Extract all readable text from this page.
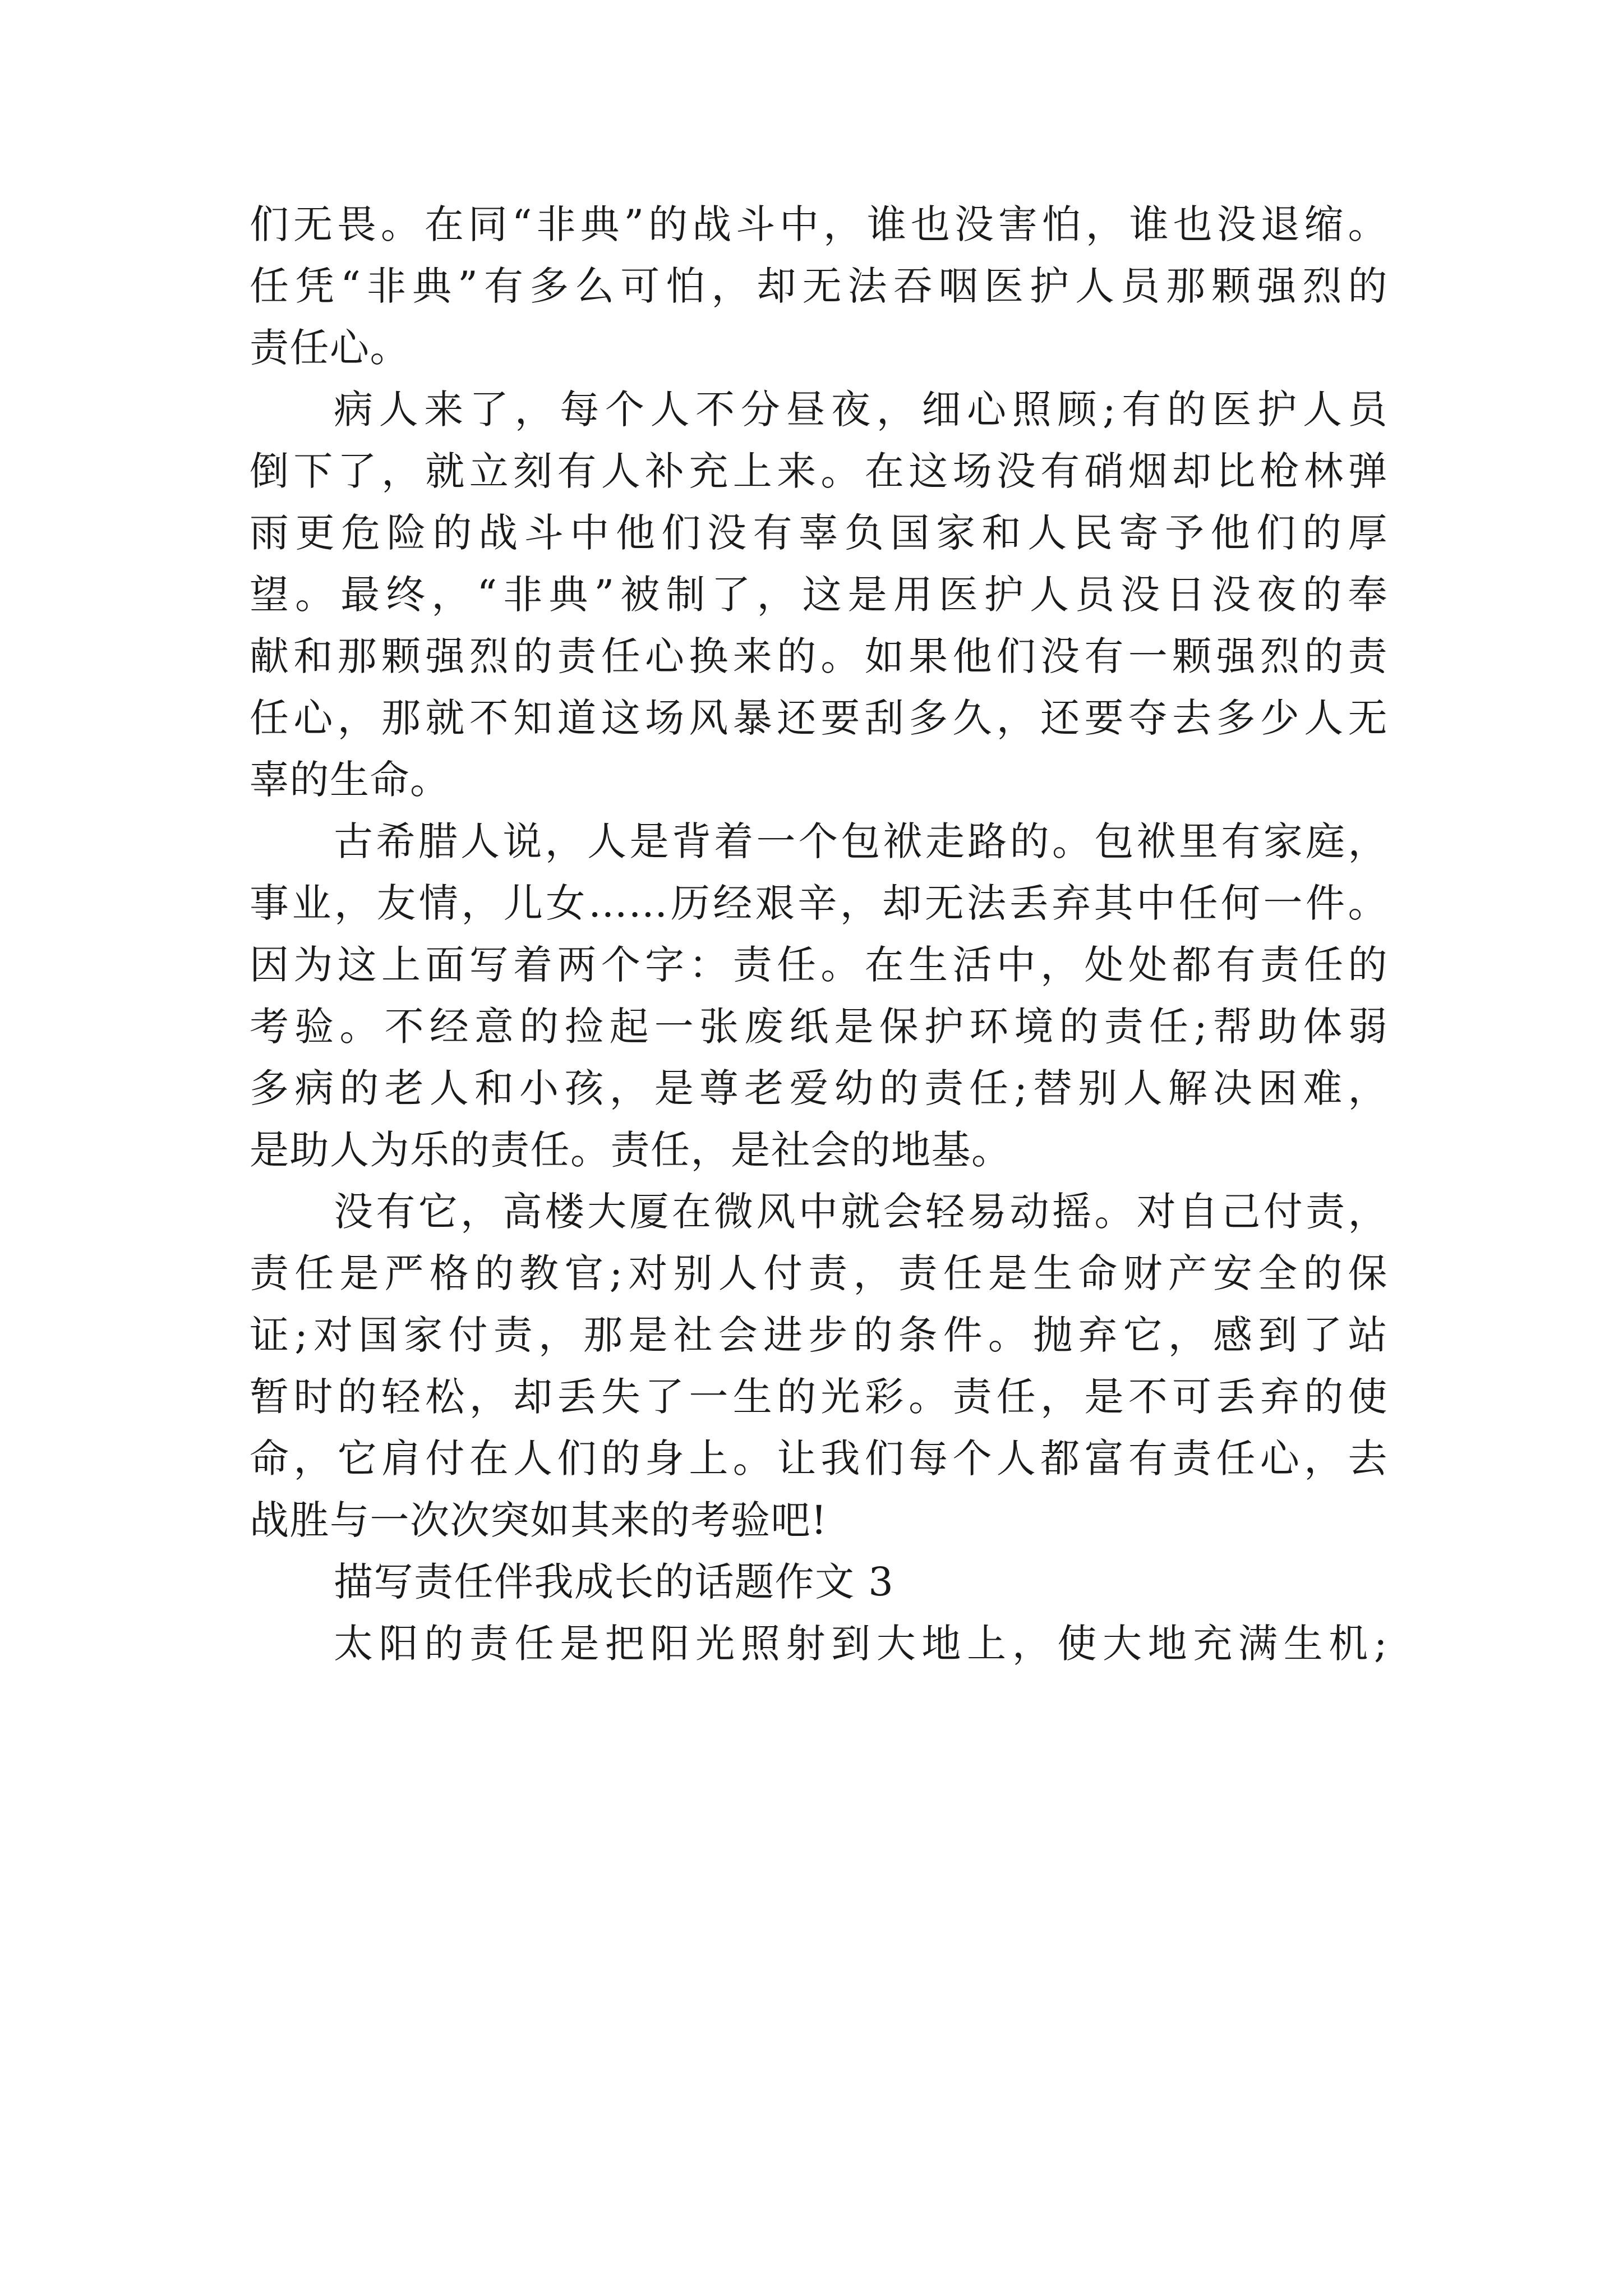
们无畏。在同“非典”的战斗中，谁也没害怕，谁也没退缩。
任凭“非典”有多么可怕，却无法吞咽医护人员那颗强烈的
责任心。
病人来了，每个人不分昼夜，细心照顾;有的医护人员
倒下了，就立刻有人补充上来。在这场没有硝烟却比枪林弹
雨更危险的战斗中他们没有辜负国家和人民寄予他们的厚
望。最终，“非典”被制了，这是用医护人员没日没夜的奉
献和那颗强烈的责任心换来的。如果他们没有一颗强烈的责
任心，那就不知道这场风暴还要刮多久，还要夺去多少人无
辜的生命。
古希腊人说，人是背着一个包袱走路的。包袱里有家庭，
事业，友情，儿女……历经艰辛，却无法丢弃其中任何一件。
因为这上面写着两个字：责任。在生活中，处处都有责任的
考验。不经意的捡起一张废纸是保护环境的责任;帮助体弱
多病的老人和小孩，是尊老爱幼的责任;替别人解决困难，
是助人为乐的责任。责任，是社会的地基。
没有它，高楼大厦在微风中就会轻易动摇。对自己付责，
责任是严格的教官;对别人付责，责任是生命财产安全的保
证;对国家付责，那是社会进步的条件。抛弃它，感到了站
暂时的轻松，却丢失了一生的光彩。责任，是不可丢弃的使
命，它肩付在人们的身上。让我们每个人都富有责任心，去
战胜与一次次突如其来的考验吧!
描写责任伴我成长的话题作文 3
太阳的责任是把阳光照射到大地上，使大地充满生机;
